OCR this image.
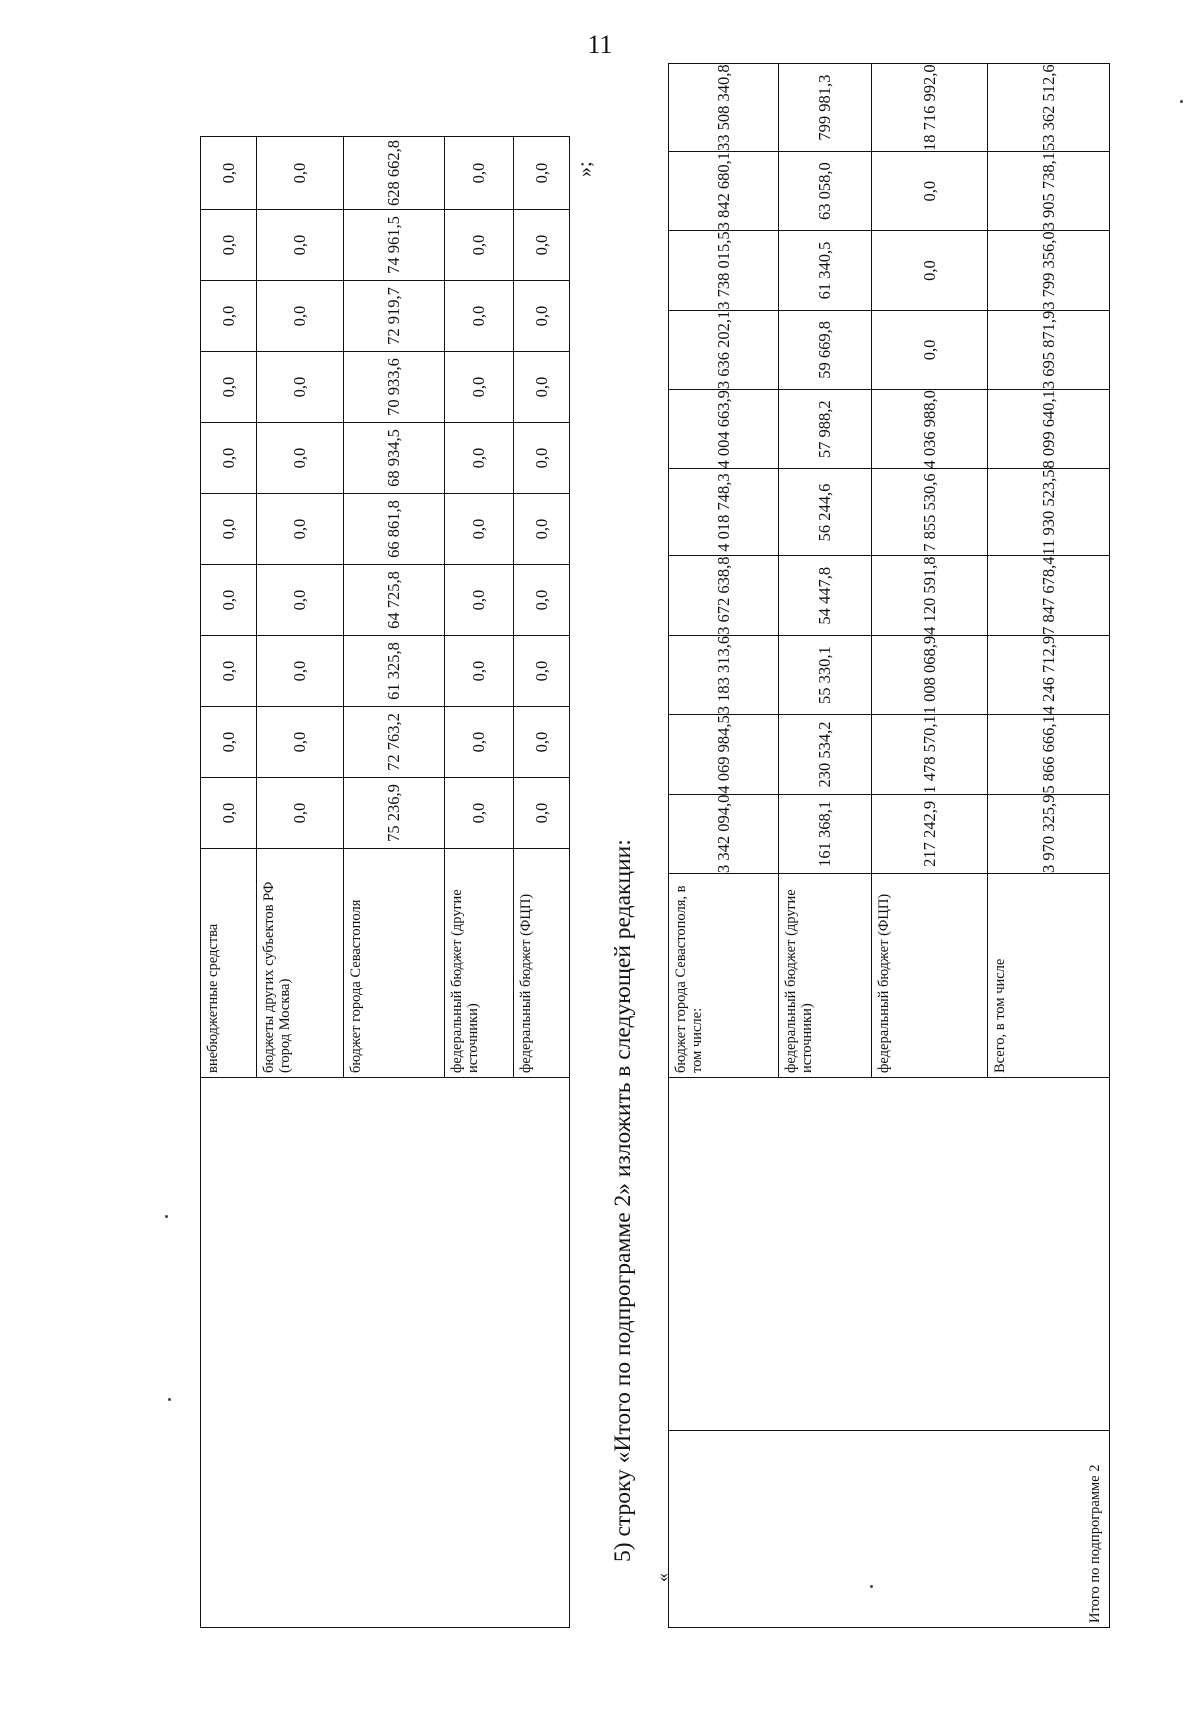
11
	внебюджетные средства	0,0	0,0	0,0	0,0	0,0	0,0	0,0	0,0	0,0	0,0
	бюджеты других субъектов РФ (город Москва)	0,0	0,0	0,0	0,0	0,0	0,0	0,0	0,0	0,0	0,0
	бюджет города Севастополя	75 236,9	72 763,2	61 325,8	64 725,8	66 861,8	68 934,5	70 933,6	72 919,7	74 961,5	628 662,8
	федеральный бюджет (другие источники)	0,0	0,0	0,0	0,0	0,0	0,0	0,0	0,0	0,0	0,0
	федеральный бюджет (ФЦП)	0,0	0,0	0,0	0,0	0,0	0,0	0,0	0,0	0,0	0,0 »;
5) строку «Итого по подпрограмме 2» изложить в следующей редакции:
«	Итого по подпрограмме 2		бюджет города Севастополя, в том числе:	3 342 094,0	4 069 984,5	3 183 313,6	3 672 638,8	4 018 748,3	4 004 663,9	3 636 202,1	3 738 015,5	3 842 680,1	33 508 340,8
		федеральный бюджет (другие источники)	161 368,1	230 534,2	55 330,1	54 447,8	56 244,6	57 988,2	59 669,8	61 340,5	63 058,0	799 981,3
		федеральный бюджет (ФЦП)	217 242,9	1 478 570,1	1 008 068,9	4 120 591,8	7 855 530,6	4 036 988,0	0,0	0,0	0,0	18 716 992,0
		Всего, в том числе	3 970 325,9	5 866 666,1	4 246 712,9	7 847 678,4	11 930 523,5	8 099 640,1	3 695 871,9	3 799 356,0	3 905 738,1	53 362 512,6
